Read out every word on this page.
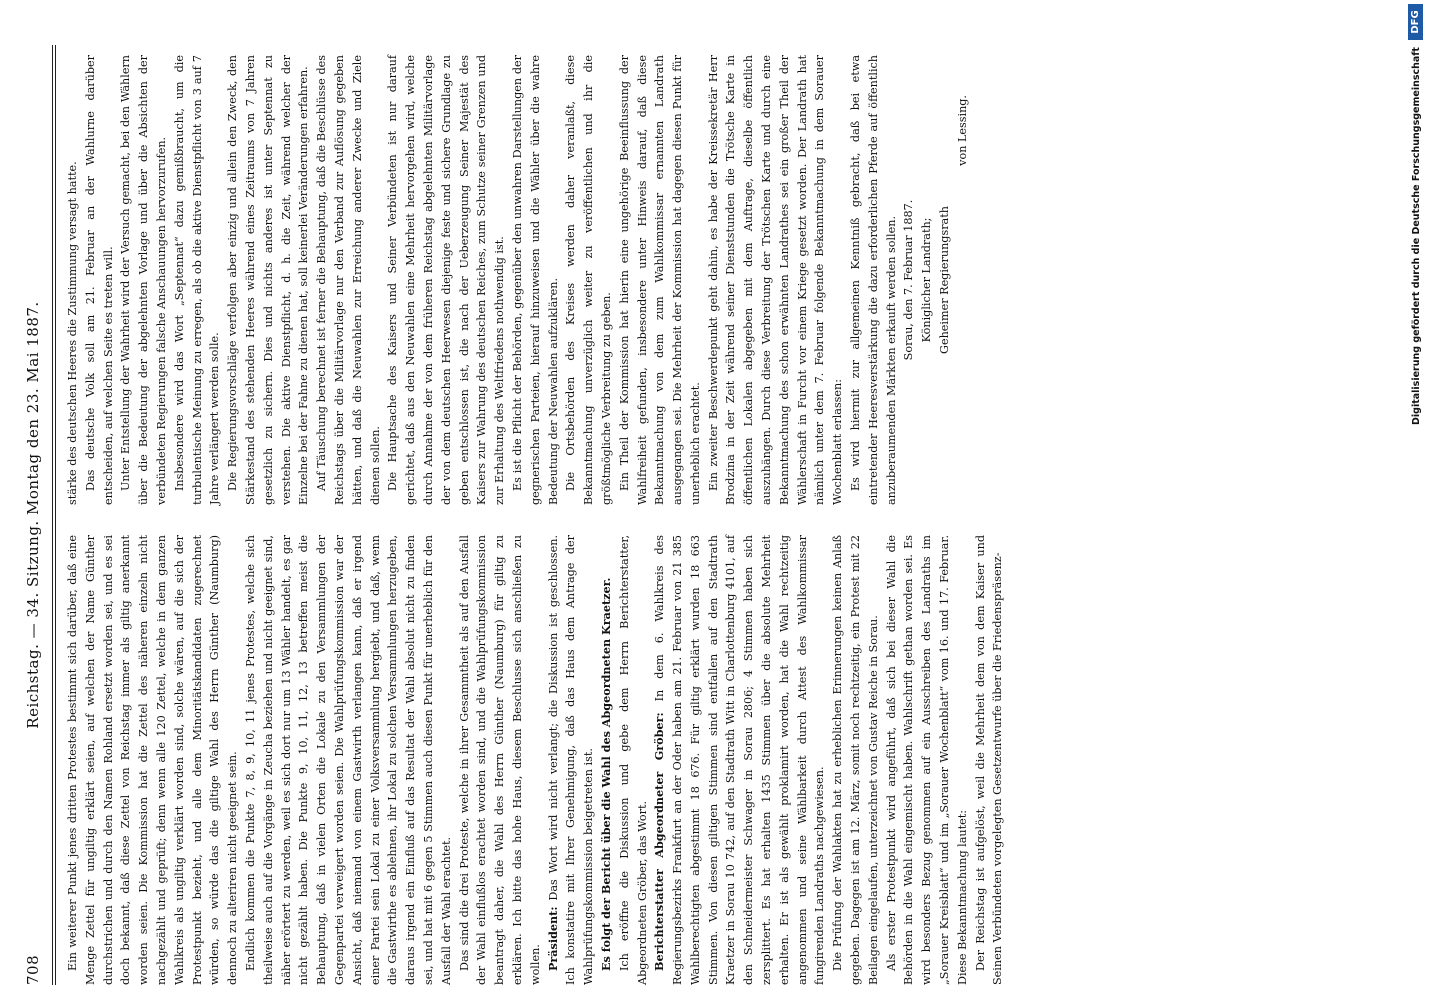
708
Reichstag. — 34. Sitzung. Montag den 23. Mai 1887.

Ein weiterer Punkt jenes dritten Protestes bestimmt sich darüber, daß eine Menge Zettel für ungiltig erklärt seien, auf welchen der Name Günther durchstrichen und durch den Namen Rohland ersetzt worden sei, und es sei doch bekannt, daß diese Zettel von Reichstag immer als giltig anerkannt worden seien. Die Kommission hat die Zettel des näheren einzeln nicht nachgezählt und geprüft; denn wenn alle 120 Zettel, welche in dem ganzen Wahlkreis als ungiltig verklärt worden sind, solche wären, auf die sich der Protestpunkt bezieht, und alle dem Minoritätskandidaten zugerechnet würden, so würde das die giltige Wahl des Herrn Günther (Naumburg) dennoch zu alteriren nicht geeignet sein. Endlich kommen die Punkte 7, 8, 9, 10, 11 jenes Protestes, welche sich theilweise auch auf die Vorgänge in Zeucha beziehen und nicht geeignet sind, näher erörtert zu werden, weil es sich dort nur um 13 Wähler handelt, es gar nicht gezählt haben. Die Punkte 9, 10, 11, 12, 13 betreffen meist die Behauptung, daß in vielen Orten die Lokale zu den Versammlungen der Gegenpartei verweigert worden seien. Die Wahlprüfungskommission war der Ansicht, daß niemand von einem Gastwirth verlangen kann, daß er irgend einer Partei sein Lokal zu einer Volksversammlung hergiebt, und daß, wenn die Gastwirthe es ablehnen, ihr Lokal zu solchen Versammlungen herzugeben, daraus irgend ein Einfluß auf das Resultat der Wahl absolut nicht zu finden sei, und hat mit 6 gegen 5 Stimmen auch diesen Punkt für unerheblich für den Ausfall der Wahl erachtet. Das sind die drei Proteste, welche in ihrer Gesammtheit als auf den Ausfall der Wahl einflußlos erachtet worden sind, und die Wahlprüfungskommission beantragt daher, die Wahl des Herrn Günther (Naumburg) für giltig zu erklären. Ich bitte das hohe Haus, diesem Beschlusse sich anschließen zu wollen. Präsident: Das Wort wird nicht verlangt; die Diskussion ist geschlossen. Ich konstatire mit Ihrer Genehmigung, daß das Haus dem Antrage der Wahlprüfungskommission beigetreten ist. Es folgt der Bericht über die Wahl des Abgeordneten Kraetzer. Ich eröffne die Diskussion und gebe dem Herrn Berichterstatter, Abgeordneten Gröber, das Wort. Berichterstatter Abgeordneter Gröber: In dem 6. Wahlkreis des Regierungsbezirks Frankfurt an der Oder haben am 21. Februar von 21 385 Wahlberechtigten abgestimmt 18 676. Für giltig erklärt wurden 18 663 Stimmen. Von diesen giltigen Stimmen sind entfallen auf den Stadtrath Kraetzer in Sorau 10 742, auf den Stadtrath Witt in Charlottenburg 4101, auf den Schneidermeister Schwager in Sorau 2806; 4 Stimmen haben sich zersplittert. Es hat erhalten 1435 Stimmen über die absolute Mehrheit erhalten. Er ist als gewählt proklamirt worden, hat die Wahl rechtzeitig angenommen und seine Wählbarkeit durch Attest des Wahlkommissar fungirenden Landraths nachgewiesen. Die Prüfung der Wahlakten hat zu erheblichen Erinnerungen keinen Anlaß gegeben. Dagegen ist am 12. März, somit noch rechtzeitig, ein Protest mit 22 Beilagen eingelaufen, unterzeichnet von Gustav Reiche in Sorau. Als erster Protestpunkt wird angeführt, daß sich bei dieser Wahl die Behörden in die Wahl eingemischt haben. Wahlschrift gethan worden sei. Es wird besonders Bezug genommen auf ein Ausschreiben des Landraths im „Sorauer Kreisblatt“ und im „Sorauer Wochenblatt“ vom 16. und 17. Februar. Diese Bekanntmachung lautet: Der Reichstag ist aufgelöst, weil die Mehrheit dem von dem Kaiser und Seinen Verbündeten vorgelegten Gesetzentwurfe über die Friedenspräsenz-

stärke des deutschen Heeres die Zustimmung versagt hatte. Das deutsche Volk soll am 21. Februar an der Wahlurne darüber entscheiden, auf welchen Seite es treten will. Unter Entstellung der Wahrheit wird der Versuch gemacht, bei den Wählern über die Bedeutung der abgelehnten Vorlage und über die Absichten der verbündeten Regierungen falsche Anschauungen hervorzurufen. Insbesondere wird das Wort „Septennat“ dazu gemißbraucht, um die turbulentische Meinung zu erregen, als ob die aktive Dienstpflicht von 3 auf 7 Jahre verlängert werden solle. Die Regierungsvorschläge verfolgen aber einzig und allein den Zweck, den Stärkestand des stehenden Heeres während eines Zeitraums von 7 Jahren gesetzlich zu sichern. Dies und nichts anderes ist unter Septennat zu verstehen. Die aktive Dienstpflicht, d. h. die Zeit, während welcher der Einzelne bei der Fahne zu dienen hat, soll keinerlei Veränderungen erfahren. Auf Täuschung berechnet ist ferner die Behauptung, daß die Beschlüsse des Reichstags über die Militärvorlage nur den Verband zur Auflösung gegeben hätten, und daß die Neuwahlen zur Erreichung anderer Zwecke und Ziele dienen sollen. Die Hauptsache des Kaisers und Seiner Verbündeten ist nur darauf gerichtet, daß aus den Neuwahlen eine Mehrheit hervorgehen wird, welche durch Annahme der von dem früheren Reichstag abgelehnten Militärvorlage der von dem deutschen Heerwesen diejenige feste und sichere Grundlage zu geben entschlossen ist, die nach der Ueberzeugung Seiner Majestät des Kaisers zur Wahrung des deutschen Reiches, zum Schutze seiner Grenzen und zur Erhaltung des Weltfriedens nothwendig ist. Es ist die Pflicht der Behörden, gegenüber den unwahren Darstellungen der gegnerischen Parteien, hierauf hinzuweisen und die Wähler über die wahre Bedeutung der Neuwahlen aufzuklären. Die Ortsbehörden des Kreises werden daher veranlaßt, diese Bekanntmachung unverzüglich weiter zu veröffentlichen und ihr die größtmögliche Verbreitung zu geben. Ein Theil der Kommission hat hierin eine ungehörige Beeinflussung der Wahlfreiheit gefunden, insbesondere unter Hinweis darauf, daß diese Bekanntmachung von dem zum Wahlkommissar ernannten Landrath ausgegangen sei. Die Mehrheit der Kommission hat dagegen diesen Punkt für unerheblich erachtet. Ein zweiter Beschwerdepunkt geht dahin, es habe der Kreissekretär Herr Brodzina in der Zeit während seiner Dienststunden die Trötsche Karte in öffentlichen Lokalen abgegeben mit dem Auftrage, dieselbe öffentlich auszuhängen. Durch diese Verbreitung der Trötschen Karte und durch eine Bekanntmachung des schon erwähnten Landrathes sei ein großer Theil der Wählerschaft in Furcht vor einem Kriege gesetzt worden. Der Landrath hat nämlich unter dem 7. Februar folgende Bekanntmachung in dem Sorauer Wochenblatt erlassen: Es wird hiermit zur allgemeinen Kenntniß gebracht, daß bei etwa eintretender Heeresverstärkung die dazu erforderlichen Pferde auf öffentlich anzuberaumenden Märkten erkauft werden sollen. Sorau, den 7. Februar 1887. Königlicher Landrath; Geheimer Regierungsrath

von Lessing.	Digitalisierung gefördert durch die Deutsche Forschungsgemeinschaft
DFG
